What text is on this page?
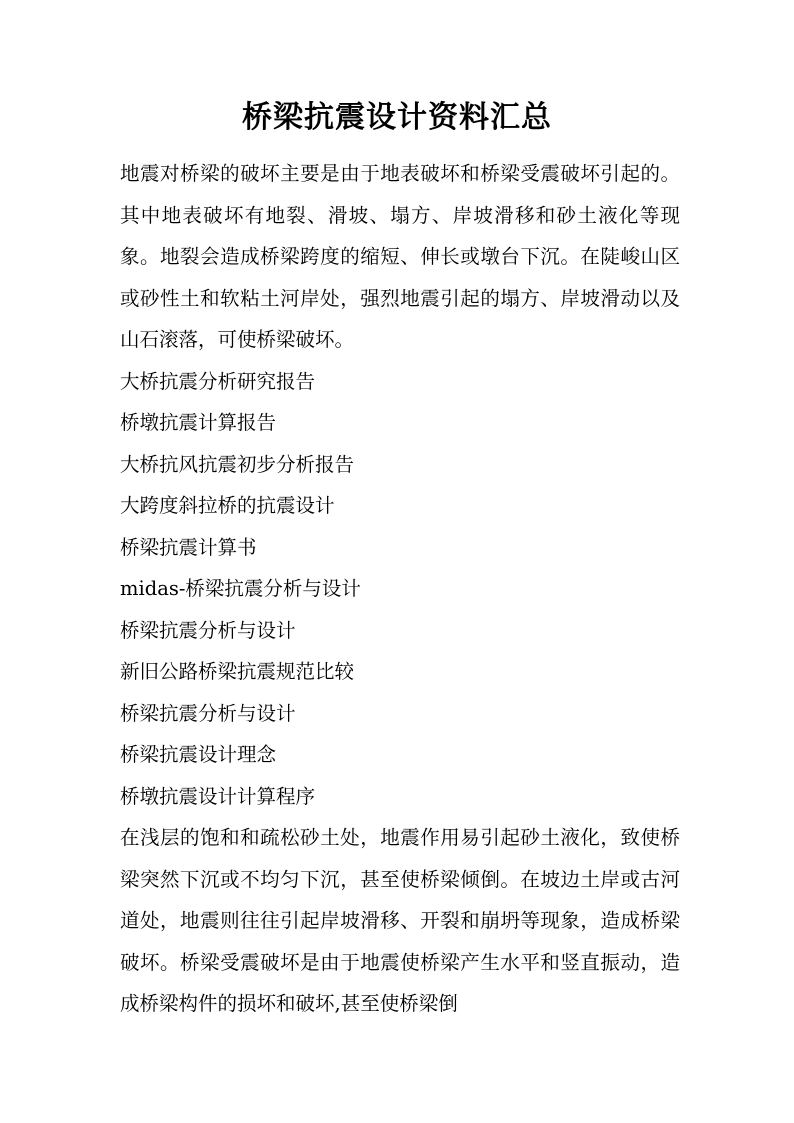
桥梁抗震设计资料汇总

地震对桥梁的破坏主要是由于地表破坏和桥梁受震破坏引起的。其中地表破坏有地裂、滑坡、塌方、岸坡滑移和砂土液化等现象。地裂会造成桥梁跨度的缩短、伸长或墩台下沉。在陡峻山区或砂性土和软粘土河岸处，强烈地震引起的塌方、岸坡滑动以及山石滚落，可使桥梁破坏。

大桥抗震分析研究报告
桥墩抗震计算报告
大桥抗风抗震初步分析报告
大跨度斜拉桥的抗震设计
桥梁抗震计算书
midas-桥梁抗震分析与设计
桥梁抗震分析与设计
新旧公路桥梁抗震规范比较
桥梁抗震分析与设计
桥梁抗震设计理念
桥墩抗震设计计算程序

在浅层的饱和和疏松砂土处，地震作用易引起砂土液化，致使桥梁突然下沉或不均匀下沉，甚至使桥梁倾倒。在坡边土岸或古河道处，地震则往往引起岸坡滑移、开裂和崩坍等现象，造成桥梁破坏。桥梁受震破坏是由于地震使桥梁产生水平和竖直振动，造成桥梁构件的损坏和破坏,甚至使桥梁倒
